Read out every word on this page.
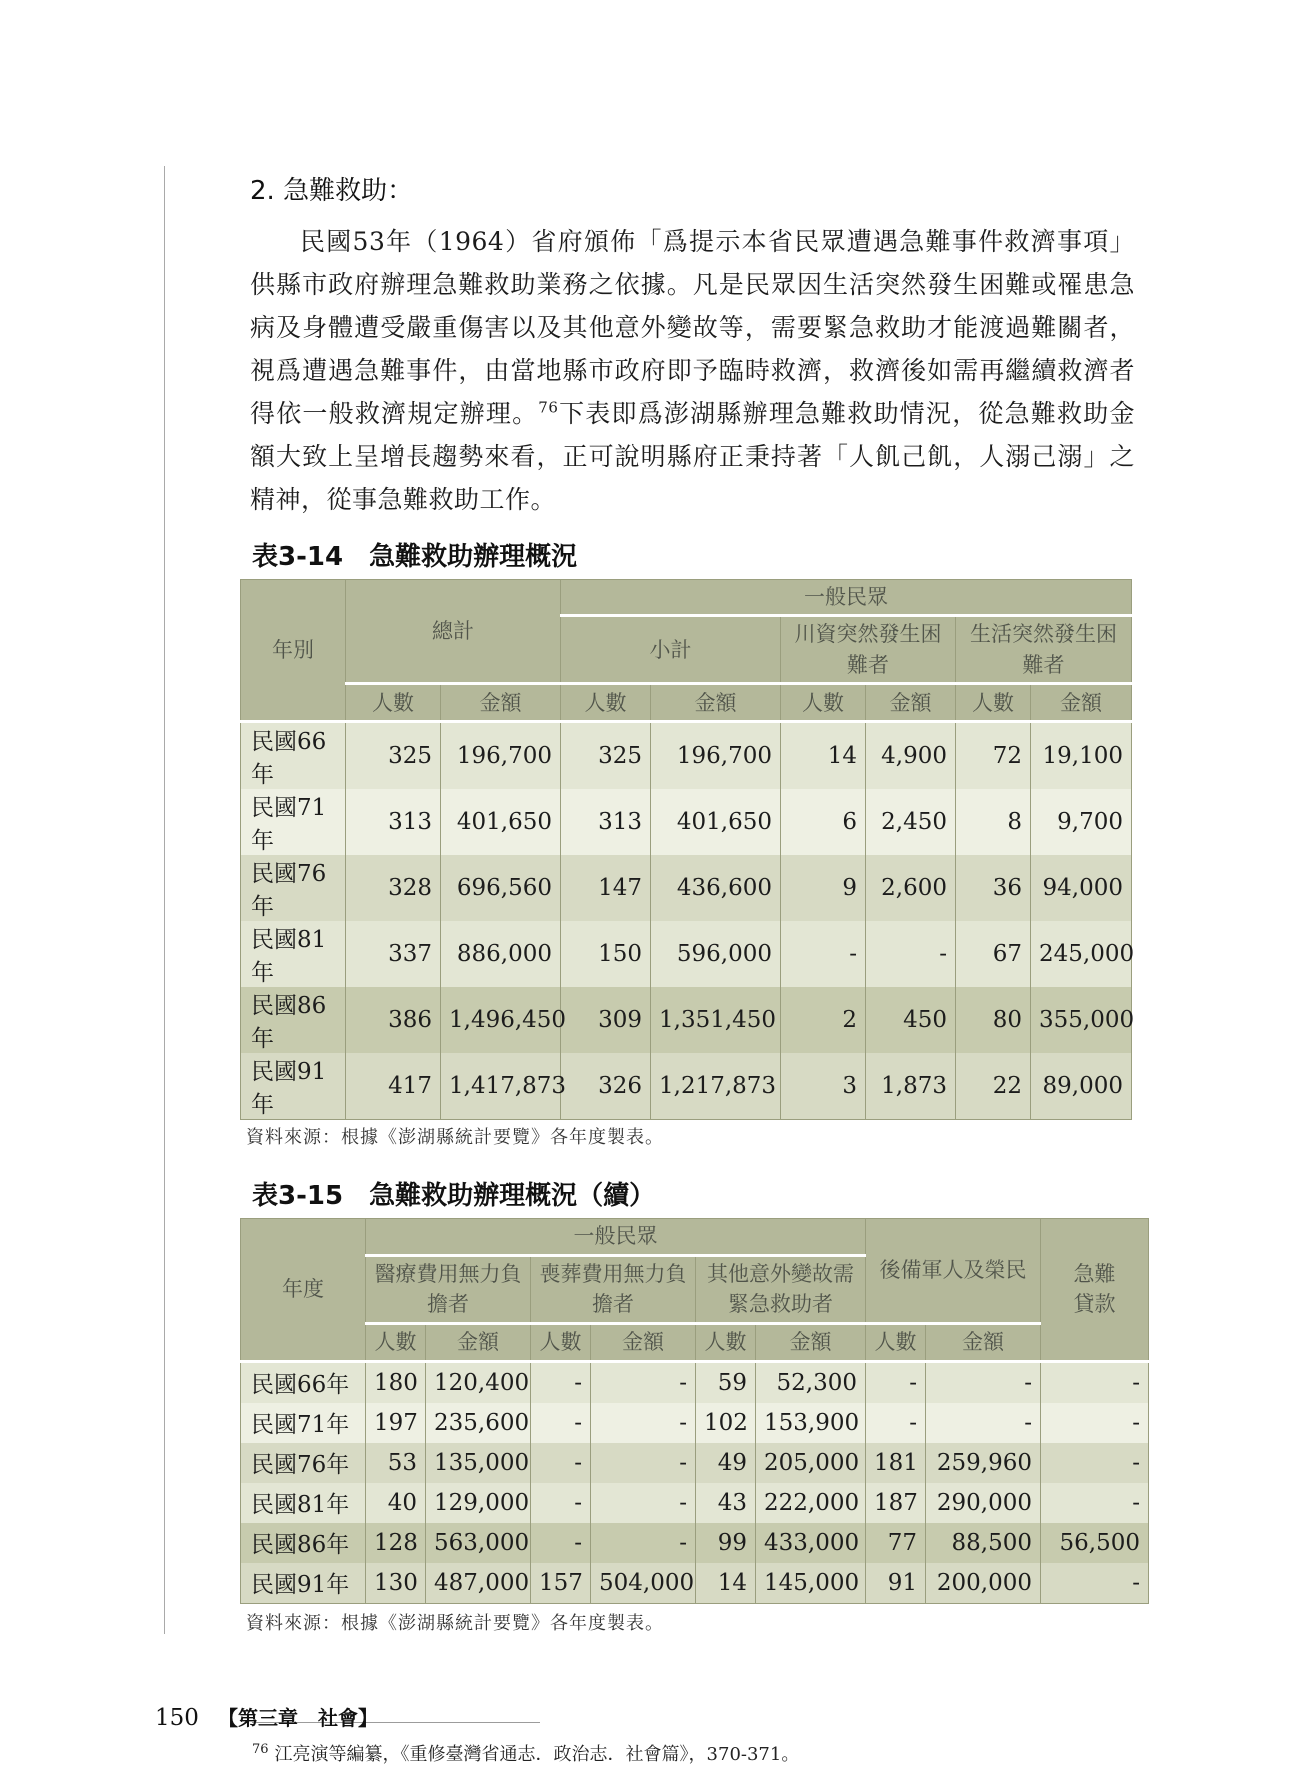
2. 急難救助：

民國53年（1964）省府頒佈「爲提示本省民眾遭遇急難事件救濟事項」供縣市政府辦理急難救助業務之依據。凡是民眾因生活突然發生困難或罹患急病及身體遭受嚴重傷害以及其他意外變故等，需要緊急救助才能渡過難關者，視爲遭遇急難事件，由當地縣市政府即予臨時救濟，救濟後如需再繼續救濟者得依一般救濟規定辦理。$^{76}$下表即爲澎湖縣辦理急難救助情況，從急難救助金額大致上呈增長趨勢來看，正可說明縣府正秉持著「人飢己飢，人溺己溺」之精神，從事急難救助工作。

表3-14 急難救助辦理概況
年別	總計		一般民眾					
			小計		川資突然發生困難者		生活突然發生困難者	
	人數	金額	人數	金額	人數	金額	人數	金額
民國66年	325	196,700	325	196,700	14	4,900	72	19,100
民國71年	313	401,650	313	401,650	6	2,450	8	9,700
民國76年	328	696,560	147	436,600	9	2,600	36	94,000
民國81年	337	886,000	150	596,000	-	-	67	245,000
民國86年	386	1,496,450	309	1,351,450	2	450	80	355,000
民國91年	417	1,417,873	326	1,217,873	3	1,873	22	89,000
資料來源：根據《澎湖縣統計要覽》各年度製表。
表3-15 急難救助辦理概況（續）
年度	一般民眾						後備軍人及榮民		急難貸款
	醫療費用無力負擔者		喪葬費用無力負擔者		其他意外變故需緊急救助者				
	人數	金額	人數	金額	人數	金額	人數	金額	
民國66年	180	120,400	-	-	59	52,300	-	-	-
民國71年	197	235,600	-	-	102	153,900	-	-	-
民國76年	53	135,000	-	-	49	205,000	181	259,960	-
民國81年	40	129,000	-	-	43	222,000	187	290,000	-
民國86年	128	563,000	-	-	99	433,000	77	88,500	56,500
民國91年	130	487,000	157	504,000	14	145,000	91	200,000	-
資料來源：根據《澎湖縣統計要覽》各年度製表。
$^{76}$ 江亮演等編纂，《重修臺灣省通志．政治志．社會篇》，370-371。
150 【第三章　社會】
